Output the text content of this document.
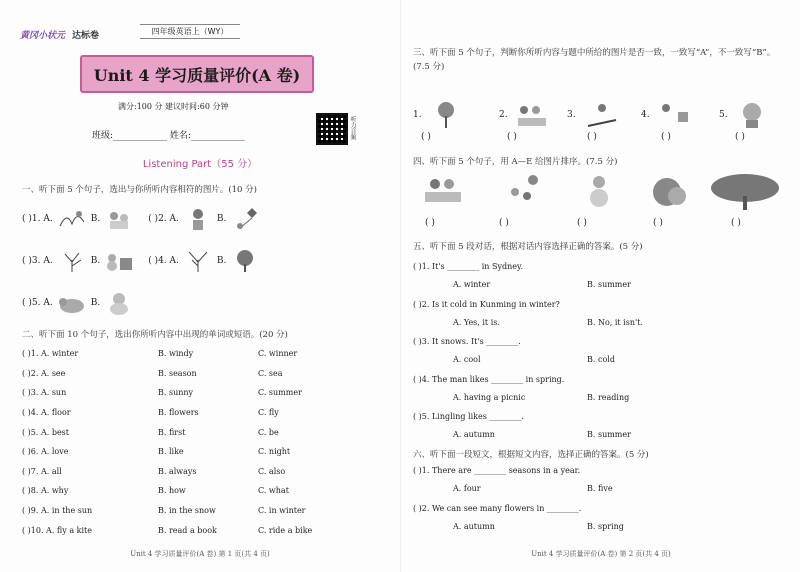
黄冈小状元 达标卷	四年级英语上（WY）
Unit 4 学习质量评价(A 卷)
满分:100 分 建议时间:60 分钟
班级:____________ 姓名:____________	听力音频
Listening Part（55 分）
一、听下面 5 个句子，选出与你所听内容相符的图片。(10 分)
( )1. A.	B.	( )2. A.	B.
( )3. A.	B.	( )4. A.	B.
( )5. A.	B.
二、听下面 10 个句子，选出你所听内容中出现的单词或短语。(20 分)
( )1. A. winter	B. windy	C. winner
( )2. A. see	B. season	C. sea
( )3. A. sun	B. sunny	C. summer
( )4. A. floor	B. flowers	C. fly
( )5. A. best	B. first	C. be
( )6. A. love	B. like	C. night
( )7. A. all	B. always	C. also
( )8. A. why	B. how	C. what
( )9. A. in the sun	B. in the snow	C. in winter
( )10. A. fly a kite	B. read a book	C. ride a bike
Unit 4 学习质量评价(A 卷) 第 1 页(共 4 页)
三、听下面 5 个句子，判断你所听内容与题中所给的图片是否一致，一致写“A”，不一致写“B”。(7.5 分)
1.	2.	3.	4.	5.
( )	( )	( )	( )	( )
四、听下面 5 个句子，用 A—E 给图片排序。(7.5 分)
( )	( )	( )	( )	( )
五、听下面 5 段对话，根据对话内容选择正确的答案。(5 分)
( )1. It's ________ in Sydney.
A. winter	B. summer
( )2. Is it cold in Kunming in winter?
A. Yes, it is.	B. No, it isn't.
( )3. It snows. It's ________.
A. cool	B. cold
( )4. The man likes ________ in spring.
A. having a picnic	B. reading
( )5. Lingling likes ________.
A. autumn	B. summer
六、听下面一段短文，根据短文内容，选择正确的答案。(5 分)
( )1. There are ________ seasons in a year.
A. four	B. five
( )2. We can see many flowers in ________.
A. autumn	B. spring
Unit 4 学习质量评价(A 卷) 第 2 页(共 4 页)
